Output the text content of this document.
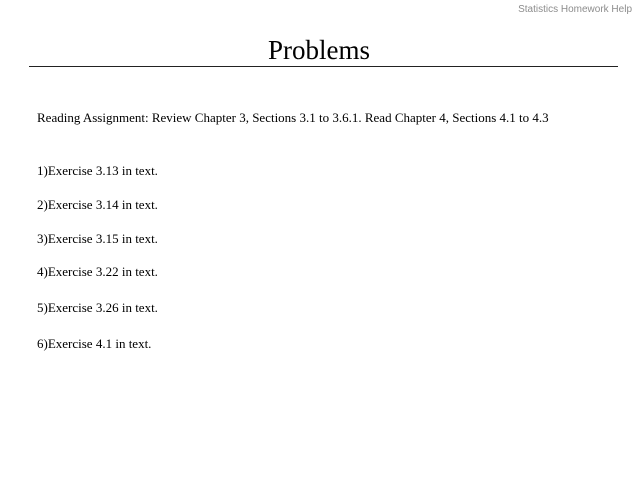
Statistics Homework Help
Problems

Reading Assignment: Review Chapter 3, Sections 3.1 to 3.6.1. Read Chapter 4, Sections 4.1 to 4.3

1)Exercise 3.13 in text.

2)Exercise 3.14 in text.

3)Exercise 3.15 in text.

4)Exercise 3.22 in text.

5)Exercise 3.26 in text.

6)Exercise 4.1 in text.
